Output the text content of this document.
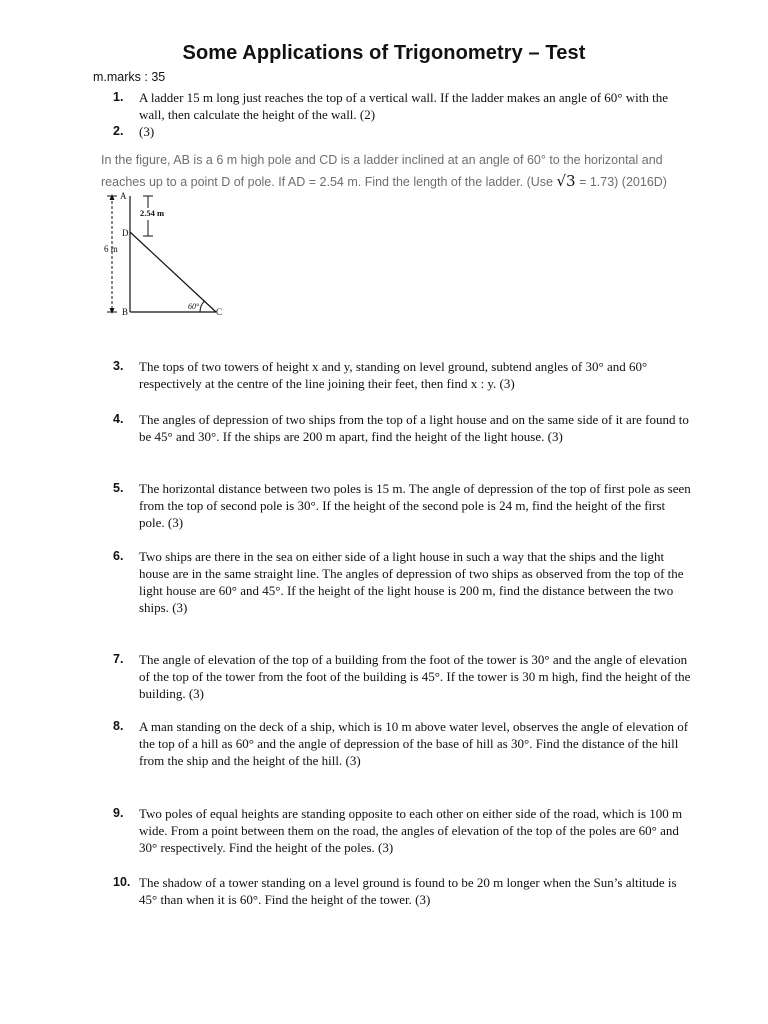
Some Applications of Trigonometry – Test
m.marks : 35
1. A ladder 15 m long just reaches the top of a vertical wall. If the ladder makes an angle of 60° with the wall, then calculate the height of the wall. (2)
2. (3)
In the figure, AB is a 6 m high pole and CD is a ladder inclined at an angle of 60° to the horizontal and reaches up to a point D of pole. If AD = 2.54 m. Find the length of the ladder. (Use √3 = 1.73) (2016D)
6 m
60°
2.54 m
A
D
B	C
3. The tops of two towers of height x and y, standing on level ground, subtend angles of 30° and 60° respectively at the centre of the line joining their feet, then find x : y. (3)
4. The angles of depression of two ships from the top of a light house and on the same side of it are found to be 45° and 30°. If the ships are 200 m apart, find the height of the light house. (3)
5. The horizontal distance between two poles is 15 m. The angle of depression of the top of first pole as seen from the top of second pole is 30°. If the height of the second pole is 24 m, find the height of the first pole. (3)
6. Two ships are there in the sea on either side of a light house in such a way that the ships and the light house are in the same straight line. The angles of depression of two ships as observed from the top of the light house are 60° and 45°. If the height of the light house is 200 m, find the distance between the two ships. (3)
7. The angle of elevation of the top of a building from the foot of the tower is 30° and the angle of elevation of the top of the tower from the foot of the building is 45°. If the tower is 30 m high, find the height of the building. (3)
8. A man standing on the deck of a ship, which is 10 m above water level, observes the angle of elevation of the top of a hill as 60° and the angle of depression of the base of hill as 30°. Find the distance of the hill from the ship and the height of the hill. (3)
9. Two poles of equal heights are standing opposite to each other on either side of the road, which is 100 m wide. From a point between them on the road, the angles of elevation of the top of the poles are 60° and 30° respectively. Find the height of the poles. (3)
10. The shadow of a tower standing on a level ground is found to be 20 m longer when the Sun’s altitude is 45° than when it is 60°. Find the height of the tower. (3)
